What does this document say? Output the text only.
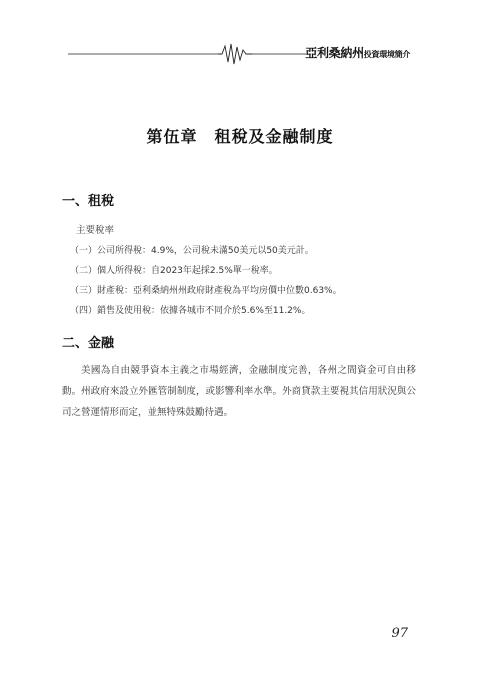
亞利桑納州投資環境簡介
第伍章　租稅及金融制度
一、租稅
主要稅率
（一）公司所得稅：4.9%，公司稅未滿50美元以50美元計。
（二）個人所得稅：自2023年起採2.5%單一稅率。
（三）財產稅：亞利桑納州州政府財產稅為平均房價中位數0.63%。
（四）銷售及使用稅：依據各城市不同介於5.6%至11.2%。
二、金融

美國為自由競爭資本主義之市場經濟，金融制度完善，各州之間資金可自由移動。州政府來設立外匯管制制度，或影響利率水準。外商貸款主要視其信用狀況與公司之營運情形而定，並無特殊鼓勵待遇。

97
